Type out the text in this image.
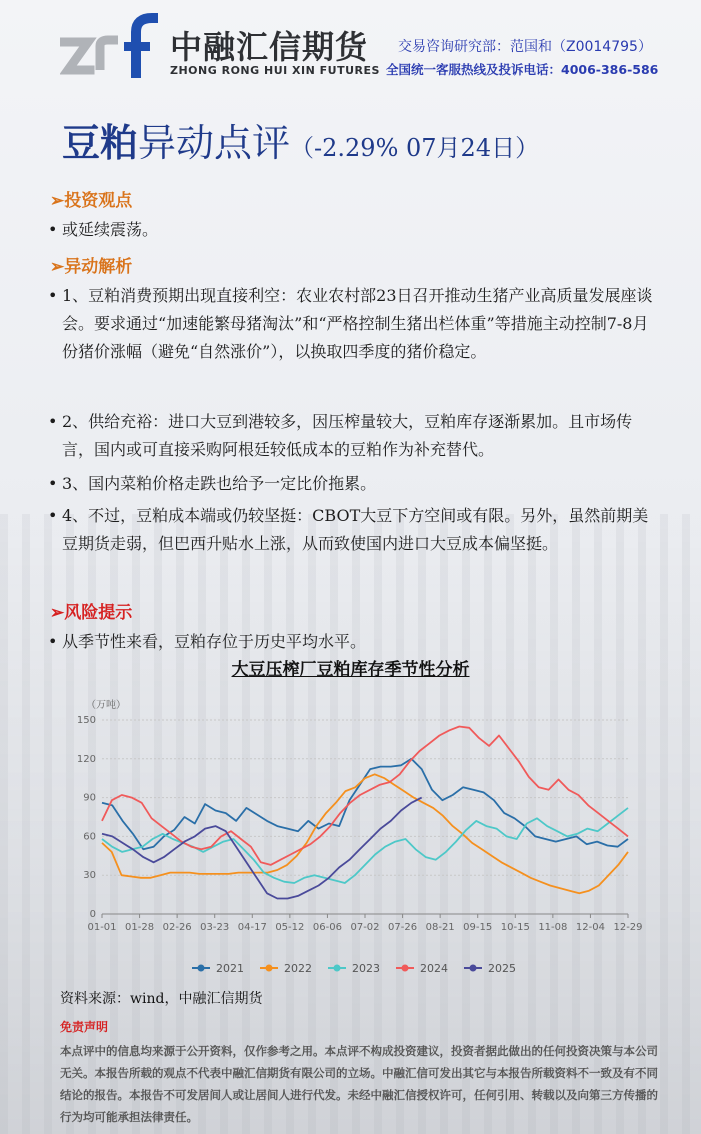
中融汇信期货
ZHONG RONG HUI XIN FUTURES
交易咨询研究部：范国和（Z0014795）
全国统一客服热线及投诉电话：4006-386-586
豆粕异动点评（-2.29% 07月24日）
➢投资观点
• 或延续震荡。
➢异动解析
• 1、豆粕消费预期出现直接利空：农业农村部23日召开推动生猪产业高质量发展座谈会。要求通过“加速能繁母猪淘汰”和“严格控制生猪出栏体重”等措施主动控制7-8月份猪价涨幅（避免“自然涨价”），以换取四季度的猪价稳定。
• 2、供给充裕：进口大豆到港较多，因压榨量较大，豆粕库存逐渐累加。且市场传言，国内或可直接采购阿根廷较低成本的豆粕作为补充替代。
• 3、国内菜粕价格走跌也给予一定比价拖累。
• 4、不过，豆粕成本端或仍较坚挺：CBOT大豆下方空间或有限。另外，虽然前期美豆期货走弱，但巴西升贴水上涨，从而致使国内进口大豆成本偏坚挺。
➢风险提示
• 从季节性来看，豆粕存位于历史平均水平。
大豆压榨厂豆粕库存季节性分析
（万吨）
0
30
60
90
120
150
01-01 01-28 02-26 03-23 04-17 05-12 06-06 07-02 07-26 08-21 09-15 10-15 11-08 12-04 12-29
2021	2022	2023	2024	2025
资料来源：wind，中融汇信期货
免责声明
本点评中的信息均来源于公开资料，仅作参考之用。本点评不构成投资建议，投资者据此做出的任何投资决策与本公司无关。本报告所载的观点不代表中融汇信期货有限公司的立场。中融汇信可发出其它与本报告所载资料不一致及有不同结论的报告。本报告不可发居间人或让居间人进行代发。未经中融汇信授权许可，任何引用、转载以及向第三方传播的行为均可能承担法律责任。
